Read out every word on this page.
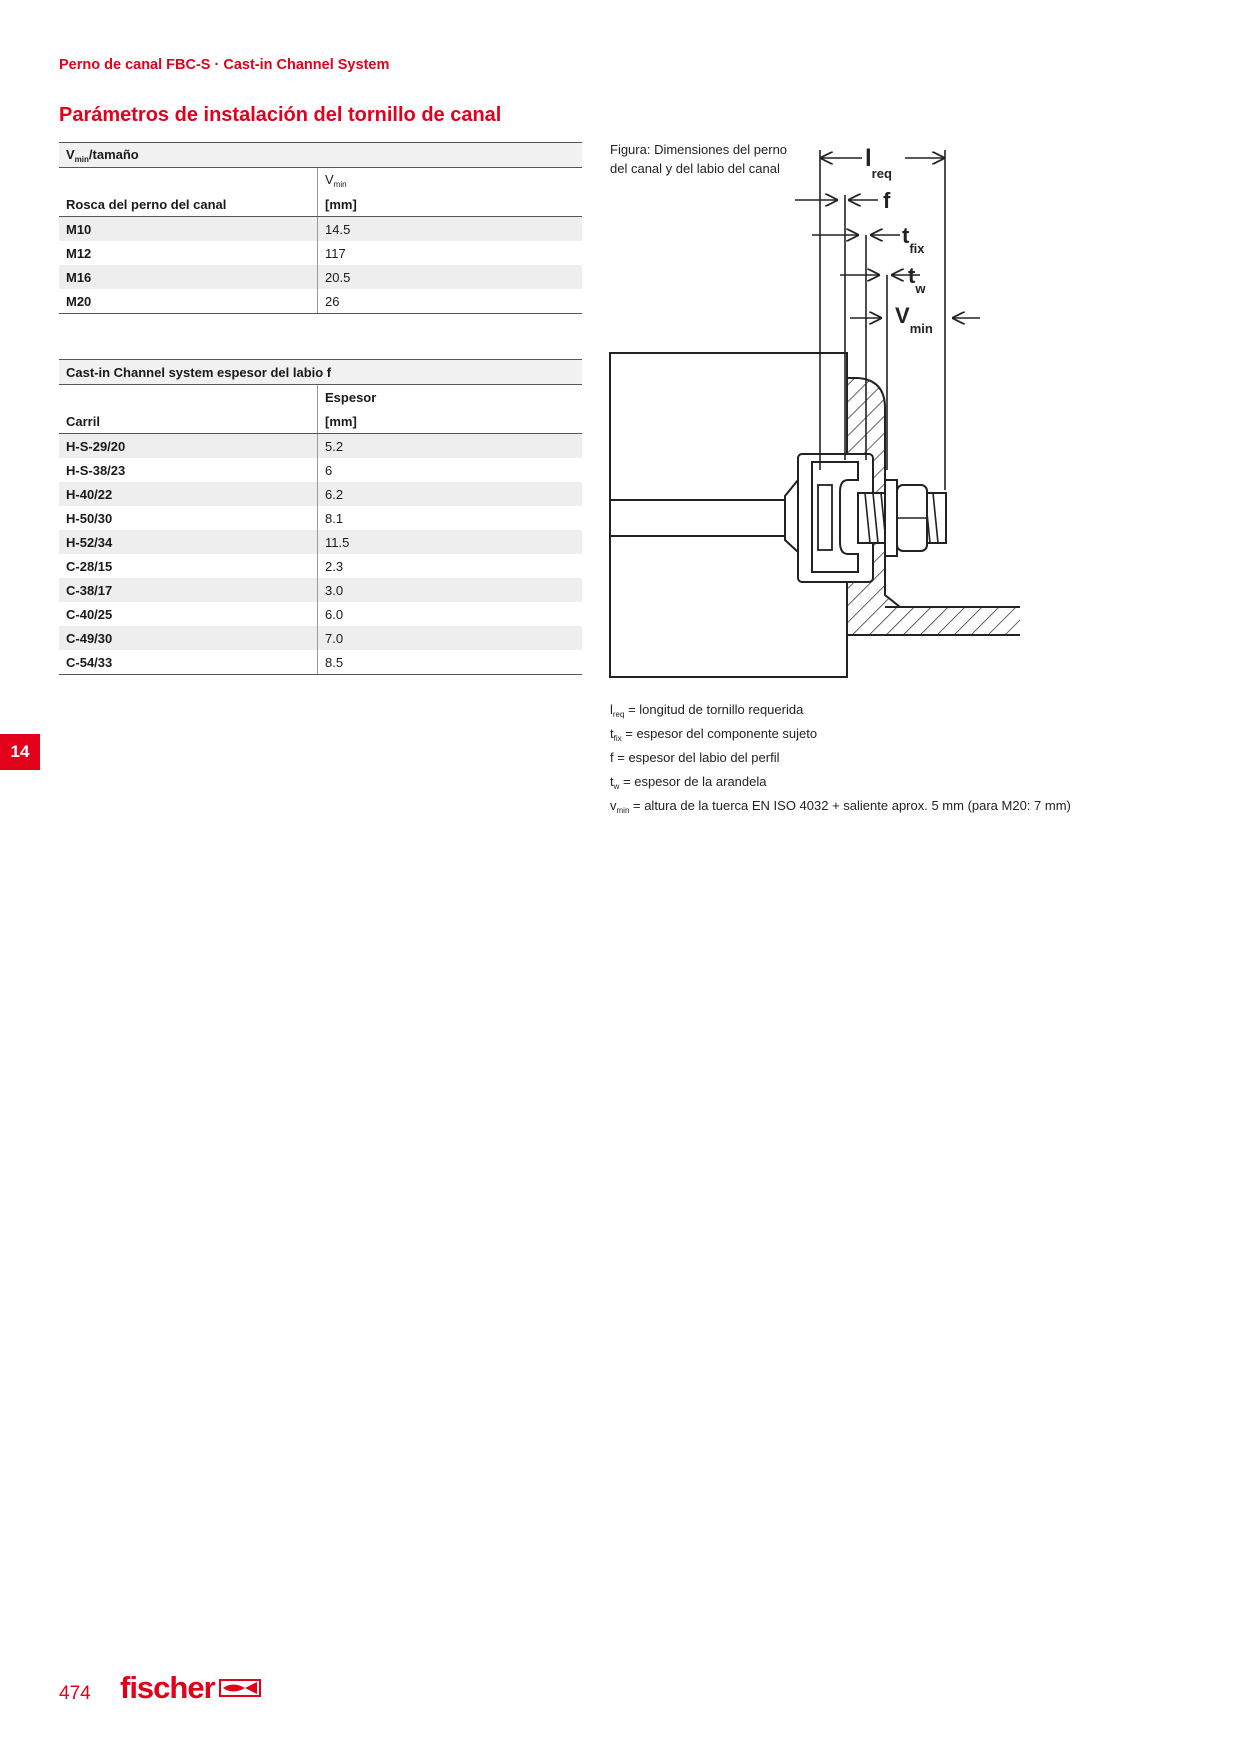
Perno de canal FBC-S · Cast-in Channel System
Parámetros de instalación del tornillo de canal
$V_{min}$/tamaño	
	$V_{min}$
Rosca del perno del canal	[mm]
M10	14.5
M12	117
M16	20.5
M20	26
Cast-in Channel system espesor del labio f	
	Espesor
Carril	[mm]
H-S-29/20	5.2
H-S-38/23	6
H-40/22	6.2
H-50/30	8.1
H-52/34	11.5
C-28/15	2.3
C-38/17	3.0
C-40/25	6.0
C-49/30	7.0
C-54/33	8.5
Figura: Dimensiones del perno del canal y del labio del canal	$l_{req}$
f
$t_{fix}$
$t_w$
$V_{min}$
$l_{req}$ = longitud de tornillo requerida
$t_{fix}$ = espesor del componente sujeto
f = espesor del labio del perfil
$t_w$ = espesor de la arandela
$v_{min}$ = altura de la tuerca EN ISO 4032 + saliente aprox. 5 mm (para M20: 7 mm)
14
474 fischer
